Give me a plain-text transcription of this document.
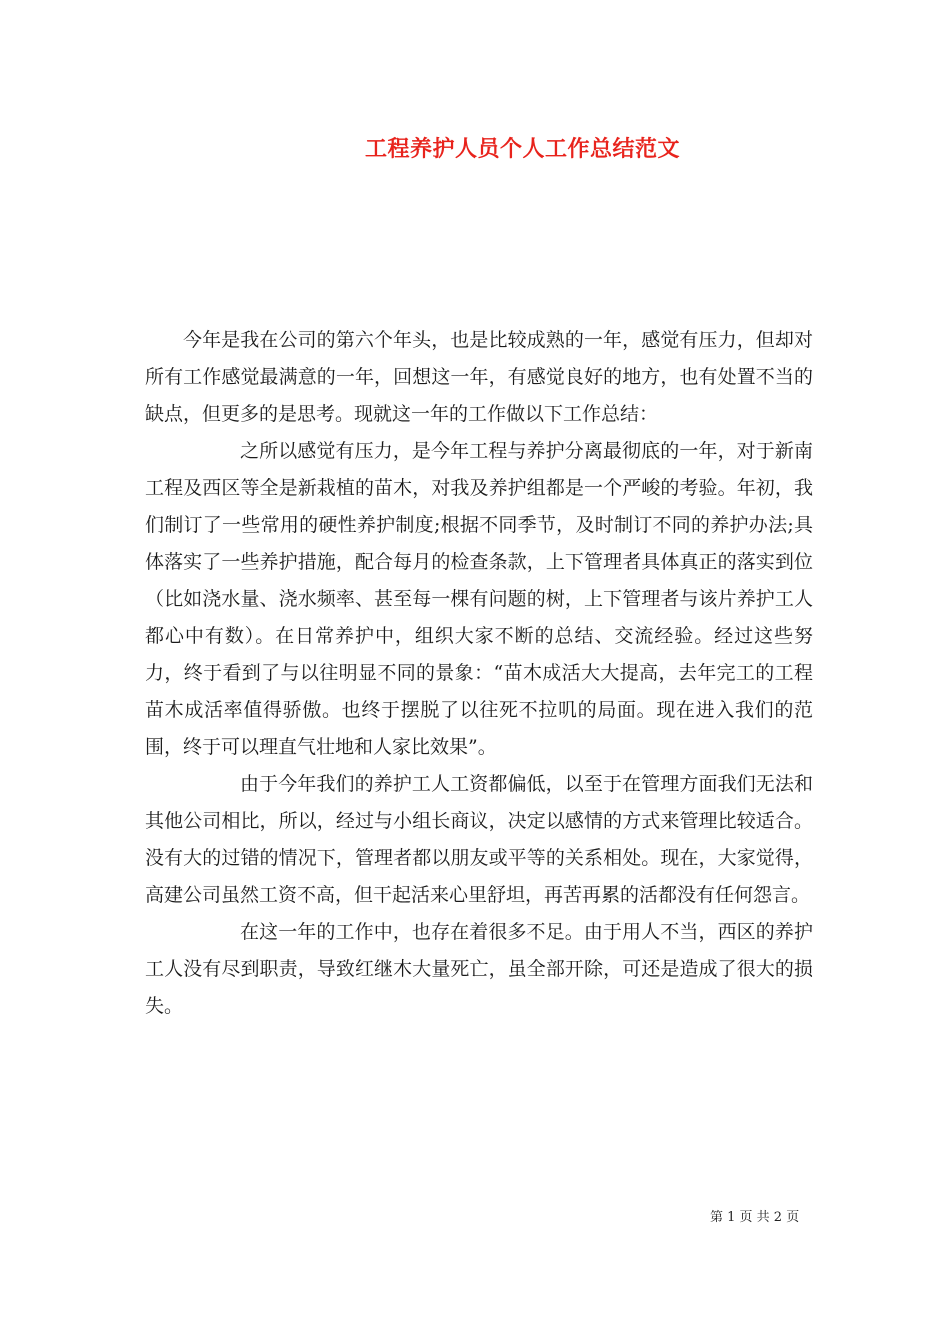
工程养护人员个人工作总结范文

今年是我在公司的第六个年头，也是比较成熟的一年，感觉有压力，但却对所有工作感觉最满意的一年，回想这一年，有感觉良好的地方，也有处置不当的缺点，但更多的是思考。现就这一年的工作做以下工作总结：

之所以感觉有压力，是今年工程与养护分离最彻底的一年，对于新南工程及西区等全是新栽植的苗木，对我及养护组都是一个严峻的考验。年初，我们制订了一些常用的硬性养护制度;根据不同季节，及时制订不同的养护办法;具体落实了一些养护措施，配合每月的检查条款，上下管理者具体真正的落实到位（比如浇水量、浇水频率、甚至每一棵有问题的树，上下管理者与该片养护工人都心中有数）。在日常养护中，组织大家不断的总结、交流经验。经过这些努力，终于看到了与以往明显不同的景象：“苗木成活大大提高，去年完工的工程苗木成活率值得骄傲。也终于摆脱了以往死不拉叽的局面。现在进入我们的范围，终于可以理直气壮地和人家比效果”。

由于今年我们的养护工人工资都偏低，以至于在管理方面我们无法和其他公司相比，所以，经过与小组长商议，决定以感情的方式来管理比较适合。没有大的过错的情况下，管理者都以朋友或平等的关系相处。现在，大家觉得，高建公司虽然工资不高，但干起活来心里舒坦，再苦再累的活都没有任何怨言。

在这一年的工作中，也存在着很多不足。由于用人不当，西区的养护工人没有尽到职责，导致红继木大量死亡，虽全部开除，可还是造成了很大的损失。

第 1 页 共 2 页
